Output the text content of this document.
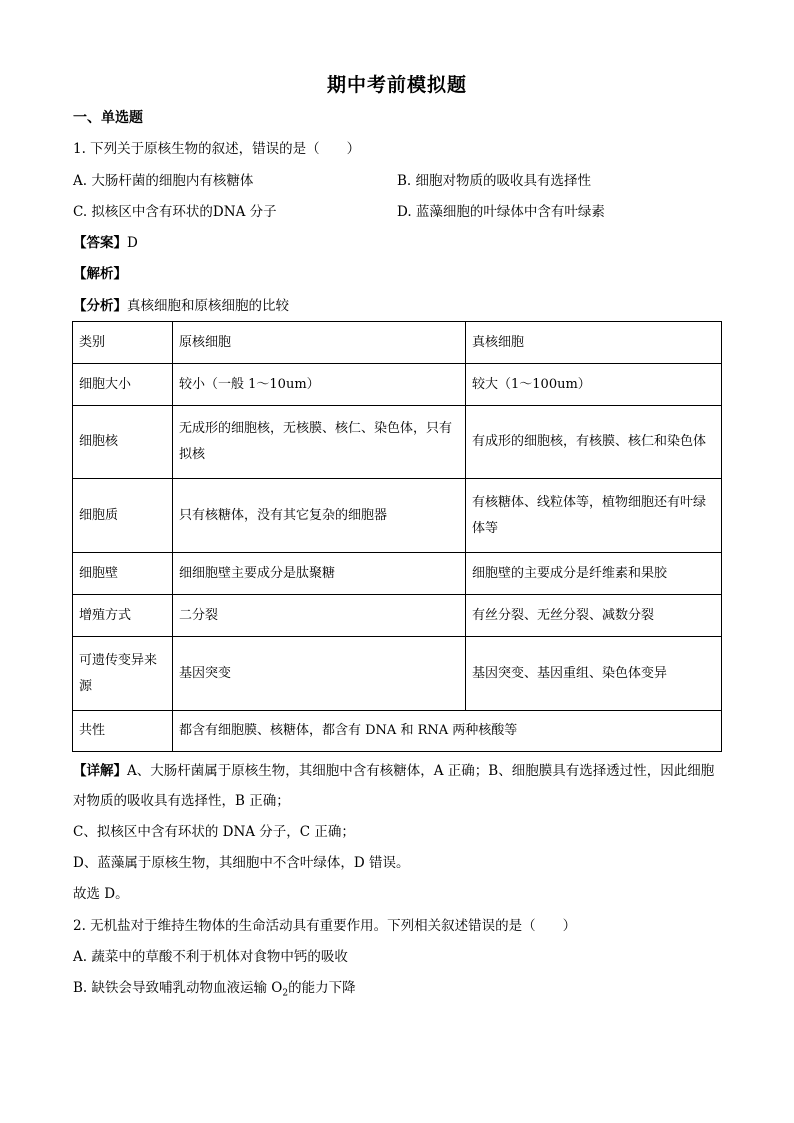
期中考前模拟题
一、单选题
1. 下列关于原核生物的叙述，错误的是（　　）
A. 大肠杆菌的细胞内有核糖体	B. 细胞对物质的吸收具有选择性
C. 拟核区中含有环状的DNA 分子	D. 蓝藻细胞的叶绿体中含有叶绿素
【答案】D
【解析】
【分析】真核细胞和原核细胞的比较
类别	原核细胞	真核细胞
细胞大小	较小（一般 1～10um）	较大（1～100um）
细胞核	无成形的细胞核，无核膜、核仁、染色体，只有拟核	有成形的细胞核，有核膜、核仁和染色体
细胞质	只有核糖体，没有其它复杂的细胞器	有核糖体、线粒体等，植物细胞还有叶绿体等
细胞壁	细细胞壁主要成分是肽聚糖	细胞壁的主要成分是纤维素和果胶
增殖方式	二分裂	有丝分裂、无丝分裂、减数分裂
可遗传变异来源	基因突变	基因突变、基因重组、染色体变异
共性	都含有细胞膜、核糖体，都含有 DNA 和 RNA 两种核酸等	
【详解】A、大肠杆菌属于原核生物，其细胞中含有核糖体，A 正确；B、细胞膜具有选择透过性，因此细胞对物质的吸收具有选择性，B 正确；
C、拟核区中含有环状的 DNA 分子，C 正确；
D、蓝藻属于原核生物，其细胞中不含叶绿体，D 错误。
故选 D。
2. 无机盐对于维持生物体的生命活动具有重要作用。下列相关叙述错误的是（　　）
A. 蔬菜中的草酸不利于机体对食物中钙的吸收
B. 缺铁会导致哺乳动物血液运输 $O_2$的能力下降
